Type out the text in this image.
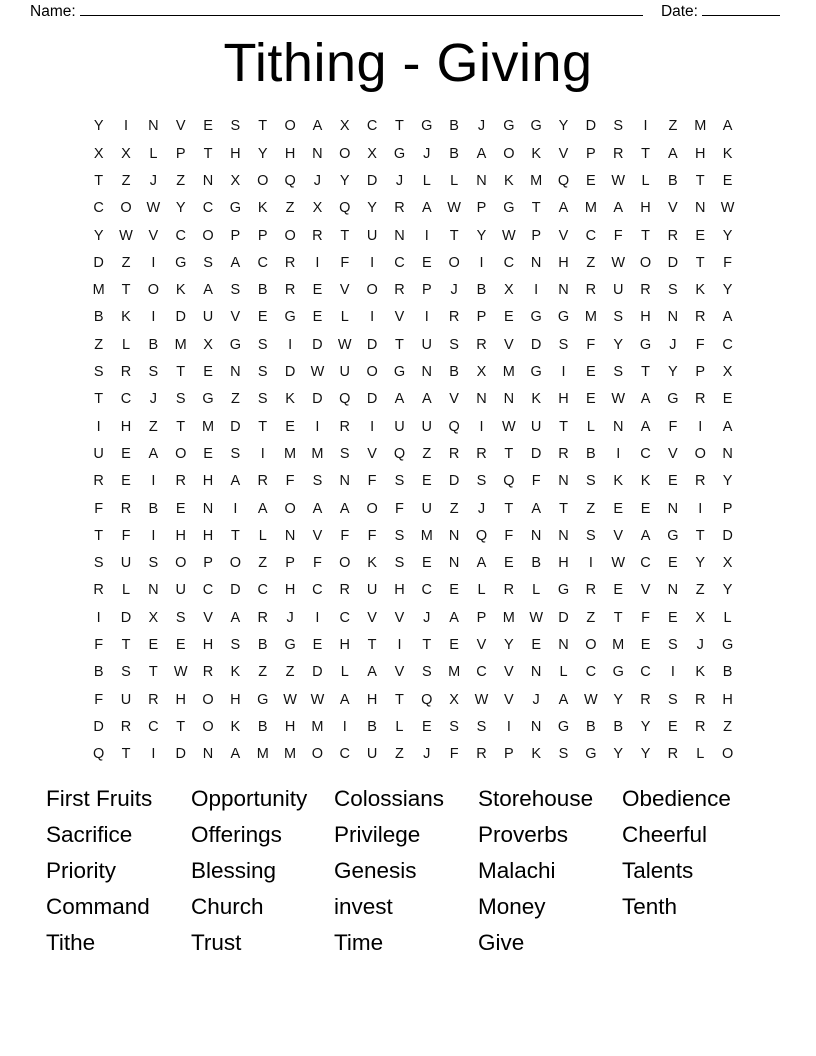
Name:	Date:
Tithing - Giving
Y	I	N	V	E	S	T	O	A	X	C	T	G	B	J	G	G	Y	D	S	I	Z	M	A
X	X	L	P	T	H	Y	H	N	O	X	G	J	B	A	O	K	V	P	R	T	A	H	K
T	Z	J	Z	N	X	O	Q	J	Y	D	J	L	L	N	K	M	Q	E	W	L	B	T	E
C	O	W	Y	C	G	K	Z	X	Q	Y	R	A	W	P	G	T	A	M	A	H	V	N	W
Y	W	V	C	O	P	P	O	R	T	U	N	I	T	Y	W	P	V	C	F	T	R	E	Y
D	Z	I	G	S	A	C	R	I	F	I	C	E	O	I	C	N	H	Z	W	O	D	T	F
M	T	O	K	A	S	B	R	E	V	O	R	P	J	B	X	I	N	R	U	R	S	K	Y
B	K	I	D	U	V	E	G	E	L	I	V	I	R	P	E	G	G	M	S	H	N	R	A
Z	L	B	M	X	G	S	I	D	W	D	T	U	S	R	V	D	S	F	Y	G	J	F	C
S	R	S	T	E	N	S	D	W	U	O	G	N	B	X	M	G	I	E	S	T	Y	P	X
T	C	J	S	G	Z	S	K	D	Q	D	A	A	V	N	N	K	H	E	W	A	G	R	E
I	H	Z	T	M	D	T	E	I	R	I	U	U	Q	I	W	U	T	L	N	A	F	I	A
U	E	A	O	E	S	I	M	M	S	V	Q	Z	R	R	T	D	R	B	I	C	V	O	N
R	E	I	R	H	A	R	F	S	N	F	S	E	D	S	Q	F	N	S	K	K	E	R	Y
F	R	B	E	N	I	A	O	A	A	O	F	U	Z	J	T	A	T	Z	E	E	N	I	P
T	F	I	H	H	T	L	N	V	F	F	S	M	N	Q	F	N	N	S	V	A	G	T	D
S	U	S	O	P	O	Z	P	F	O	K	S	E	N	A	E	B	H	I	W	C	E	Y	X
R	L	N	U	C	D	C	H	C	R	U	H	C	E	L	R	L	G	R	E	V	N	Z	Y
I	D	X	S	V	A	R	J	I	C	V	V	J	A	P	M W	D	Z	T	F	E	X	L
F	T	E	E	H	S	B	G	E	H	T	I	T	E	V	Y	E	N	O	M	E	S	J	G
B	S	T	W	R	K	Z	Z	D	L	A	V	S	M	C	V	N	L	C	G	C	I	K	B
F	U	R	H	O	H	G	W W	A	H	T	Q	X	W	V	J	A	W	Y	R	S	R	H
D	R	C	T	O	K	B	H	M	I	B	L	E	S	S	I	N	G	B	B	Y	E	R	Z
Q	T	I	D	N	A	M	M	O	C	U	Z	J	F	R	P	K	S	G	Y	Y	R	L	O
First Fruits
Sacrifice
Priority
Command
Tithe
Opportunity
Offerings
Blessing
Church
Trust
Colossians
Privilege
Genesis
invest
Time
Storehouse
Proverbs
Malachi
Money
Give
Obedience
Cheerful
Talents
Tenth
